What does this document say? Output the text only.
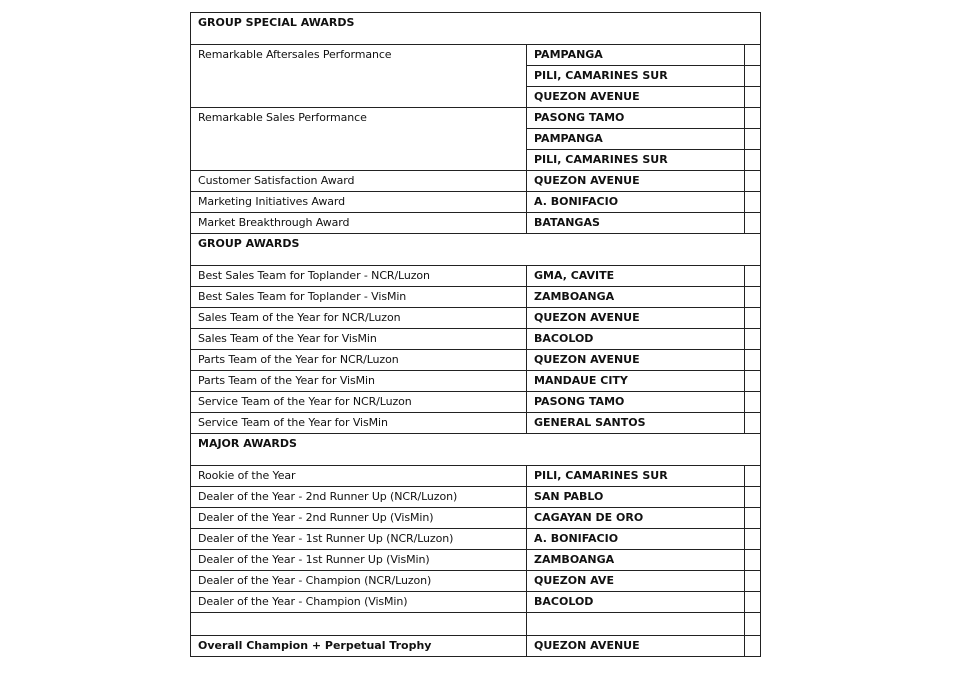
GROUP SPECIAL AWARDS		
Remarkable Aftersales Performance	PAMPANGA	
	PILI, CAMARINES SUR	
	QUEZON AVENUE	
Remarkable Sales Performance	PASONG TAMO	
	PAMPANGA	
	PILI, CAMARINES SUR	
Customer Satisfaction Award	QUEZON AVENUE	
Marketing Initiatives Award	A. BONIFACIO	
Market Breakthrough Award	BATANGAS	
GROUP AWARDS		
Best Sales Team for Toplander - NCR/Luzon	GMA, CAVITE	
Best Sales Team for Toplander - VisMin	ZAMBOANGA	
Sales Team of the Year for NCR/Luzon	QUEZON AVENUE	
Sales Team of the Year for VisMin	BACOLOD	
Parts Team of the Year for NCR/Luzon	QUEZON AVENUE	
Parts Team of the Year for VisMin	MANDAUE CITY	
Service Team of the Year for NCR/Luzon	PASONG TAMO	
Service Team of the Year for VisMin	GENERAL SANTOS	
MAJOR AWARDS		
Rookie of the Year	PILI, CAMARINES SUR	
Dealer of the Year - 2nd Runner Up (NCR/Luzon)	SAN PABLO	
Dealer of the Year - 2nd Runner Up (VisMin)	CAGAYAN DE ORO	
Dealer of the Year - 1st Runner Up (NCR/Luzon)	A. BONIFACIO	
Dealer of the Year - 1st Runner Up (VisMin)	ZAMBOANGA	
Dealer of the Year - Champion (NCR/Luzon)	QUEZON AVE	
Dealer of the Year - Champion (VisMin)	BACOLOD	

Overall Champion + Perpetual Trophy	QUEZON AVENUE	
